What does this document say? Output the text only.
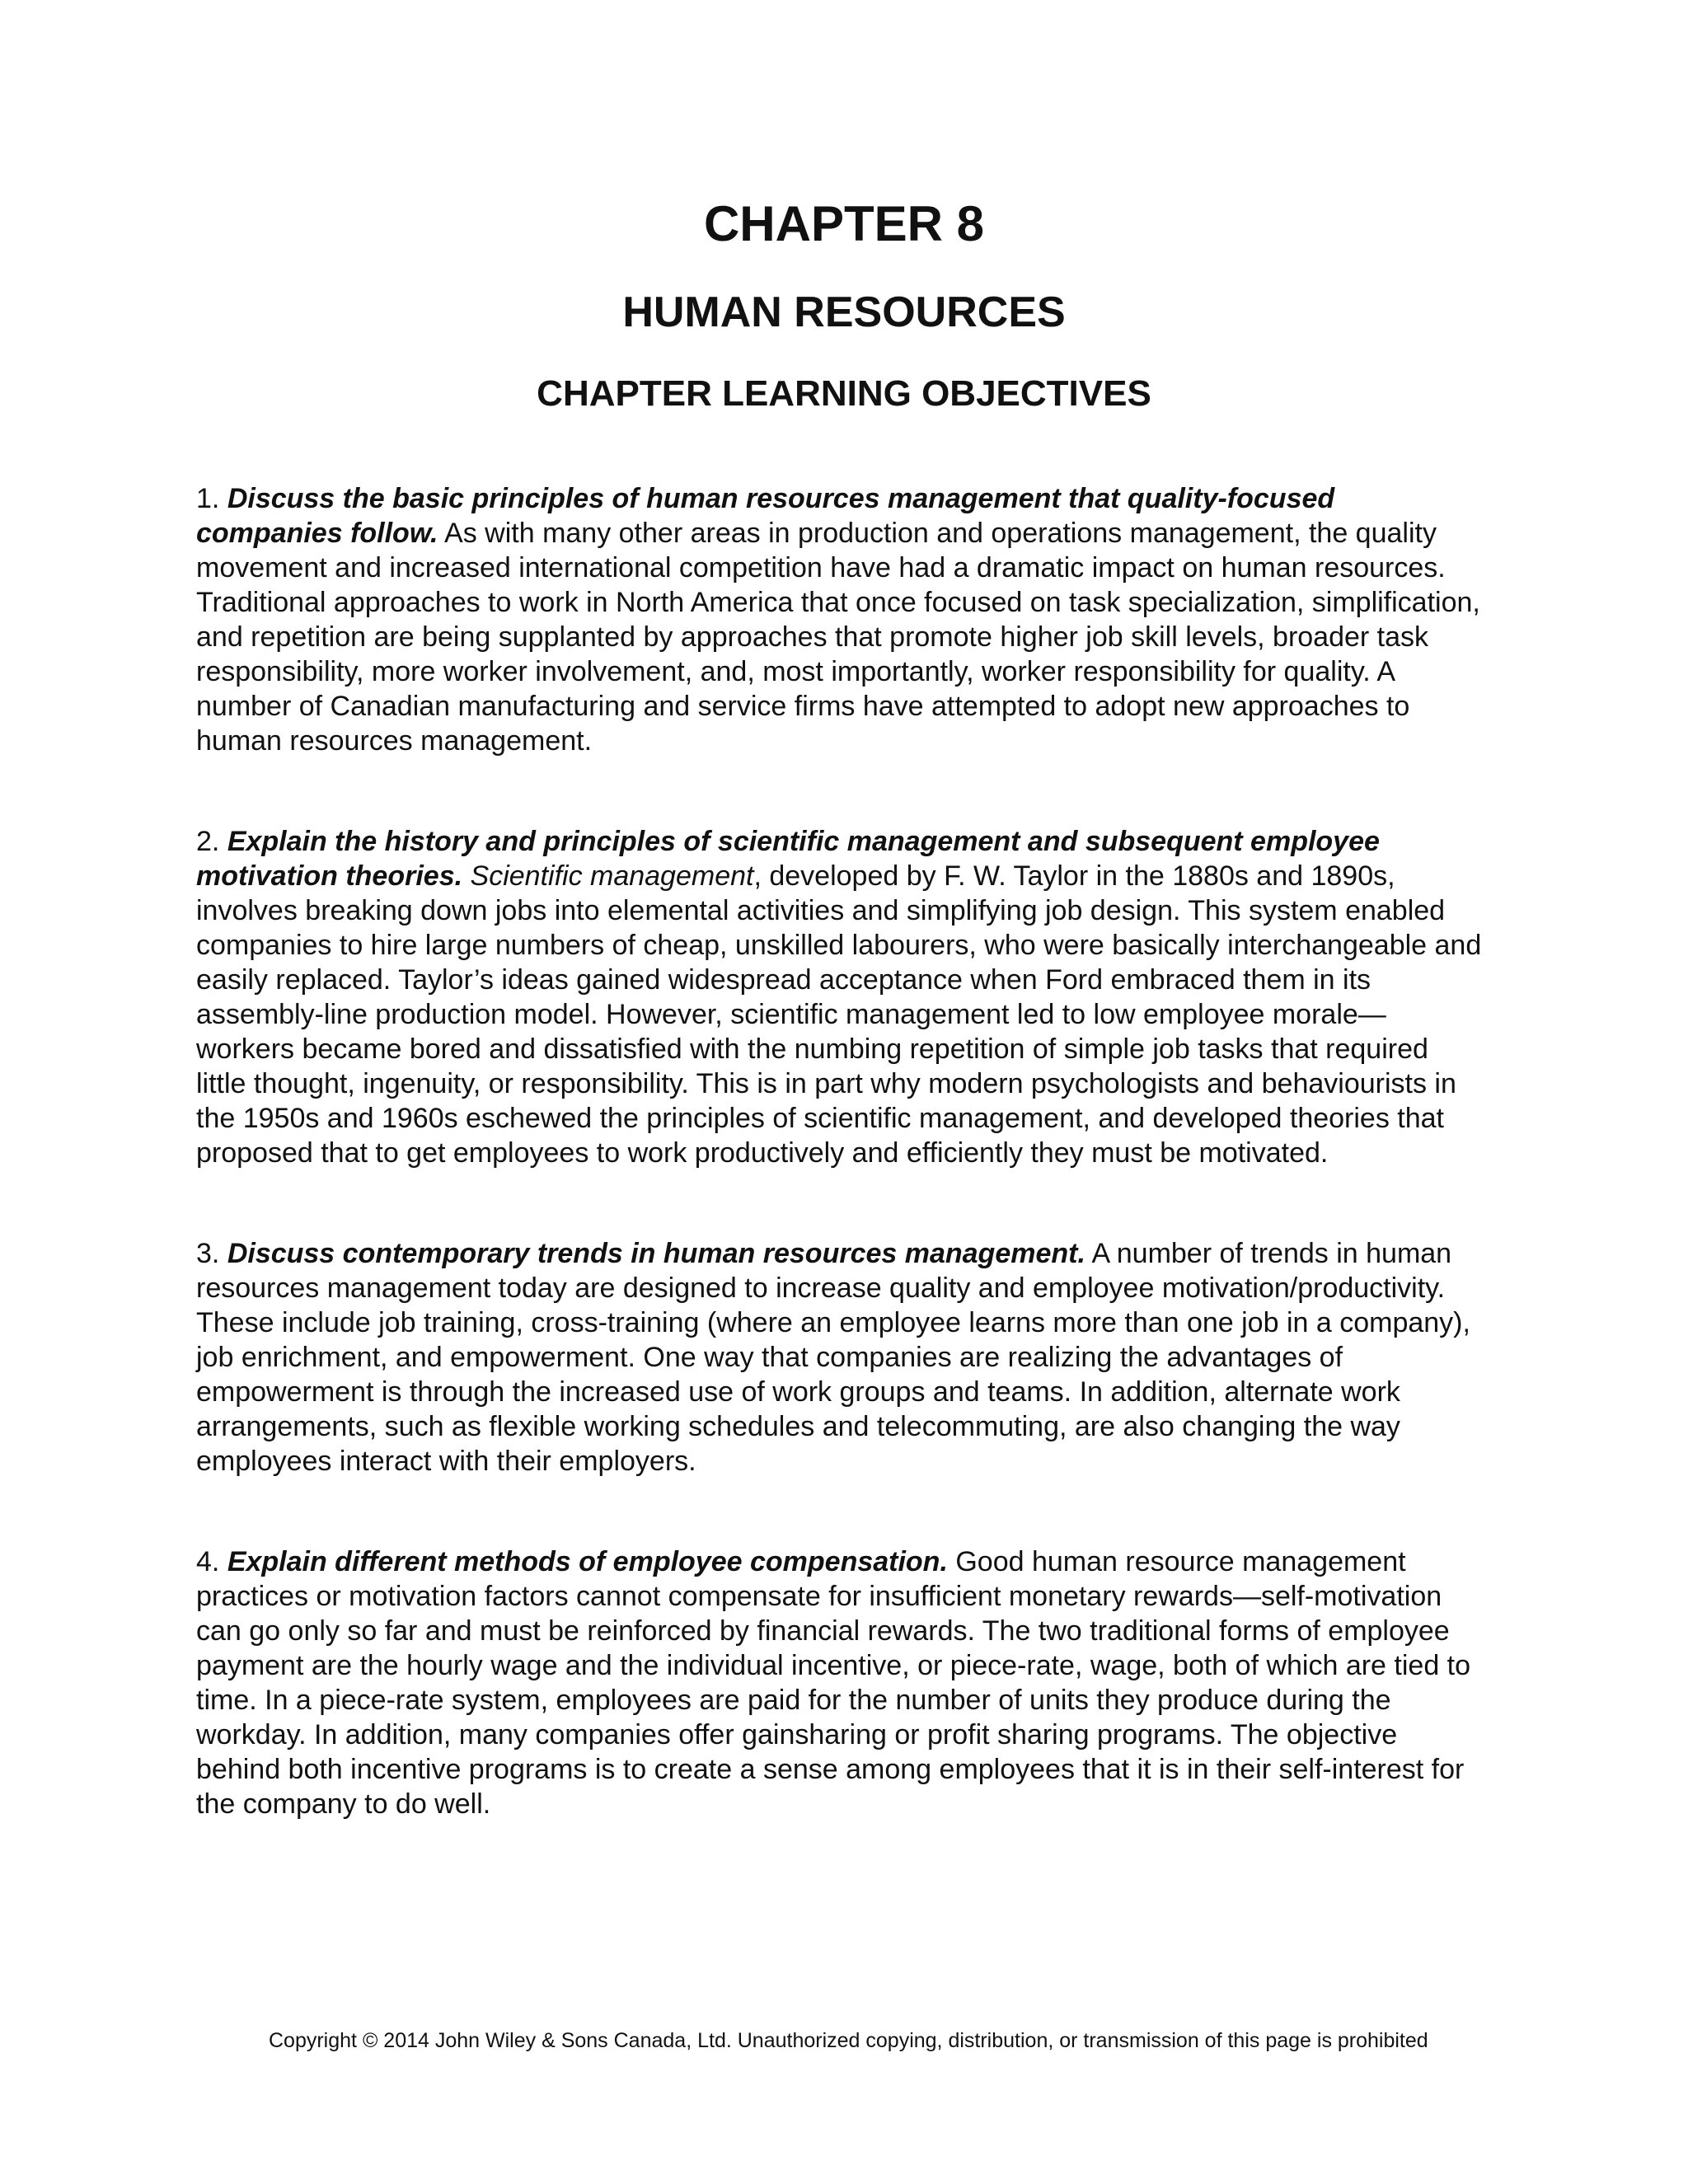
CHAPTER 8
HUMAN RESOURCES
CHAPTER LEARNING OBJECTIVES

1. Discuss the basic principles of human resources management that quality-focused companies follow. As with many other areas in production and operations management, the quality movement and increased international competition have had a dramatic impact on human resources. Traditional approaches to work in North America that once focused on task specialization, simplification, and repetition are being supplanted by approaches that promote higher job skill levels, broader task responsibility, more worker involvement, and, most importantly, worker responsibility for quality. A number of Canadian manufacturing and service firms have attempted to adopt new approaches to human resources management.

2. Explain the history and principles of scientific management and subsequent employee motivation theories. Scientific management, developed by F. W. Taylor in the 1880s and 1890s, involves breaking down jobs into elemental activities and simplifying job design. This system enabled companies to hire large numbers of cheap, unskilled labourers, who were basically interchangeable and easily replaced. Taylor’s ideas gained widespread acceptance when Ford embraced them in its assembly-line production model. However, scientific management led to low employee morale—workers became bored and dissatisfied with the numbing repetition of simple job tasks that required little thought, ingenuity, or responsibility. This is in part why modern psychologists and behaviourists in the 1950s and 1960s eschewed the principles of scientific management, and developed theories that proposed that to get employees to work productively and efficiently they must be motivated.

3. Discuss contemporary trends in human resources management. A number of trends in human resources management today are designed to increase quality and employee motivation/productivity. These include job training, cross-training (where an employee learns more than one job in a company), job enrichment, and empowerment. One way that companies are realizing the advantages of empowerment is through the increased use of work groups and teams. In addition, alternate work arrangements, such as flexible working schedules and telecommuting, are also changing the way employees interact with their employers.

4. Explain different methods of employee compensation. Good human resource management practices or motivation factors cannot compensate for insufficient monetary rewards—self-motivation can go only so far and must be reinforced by financial rewards. The two traditional forms of employee payment are the hourly wage and the individual incentive, or piece-rate, wage, both of which are tied to time. In a piece-rate system, employees are paid for the number of units they produce during the workday. In addition, many companies offer gainsharing or profit sharing programs. The objective behind both incentive programs is to create a sense among employees that it is in their self-interest for the company to do well.

Copyright © 2014 John Wiley & Sons Canada, Ltd. Unauthorized copying, distribution, or transmission of this page is prohibited
